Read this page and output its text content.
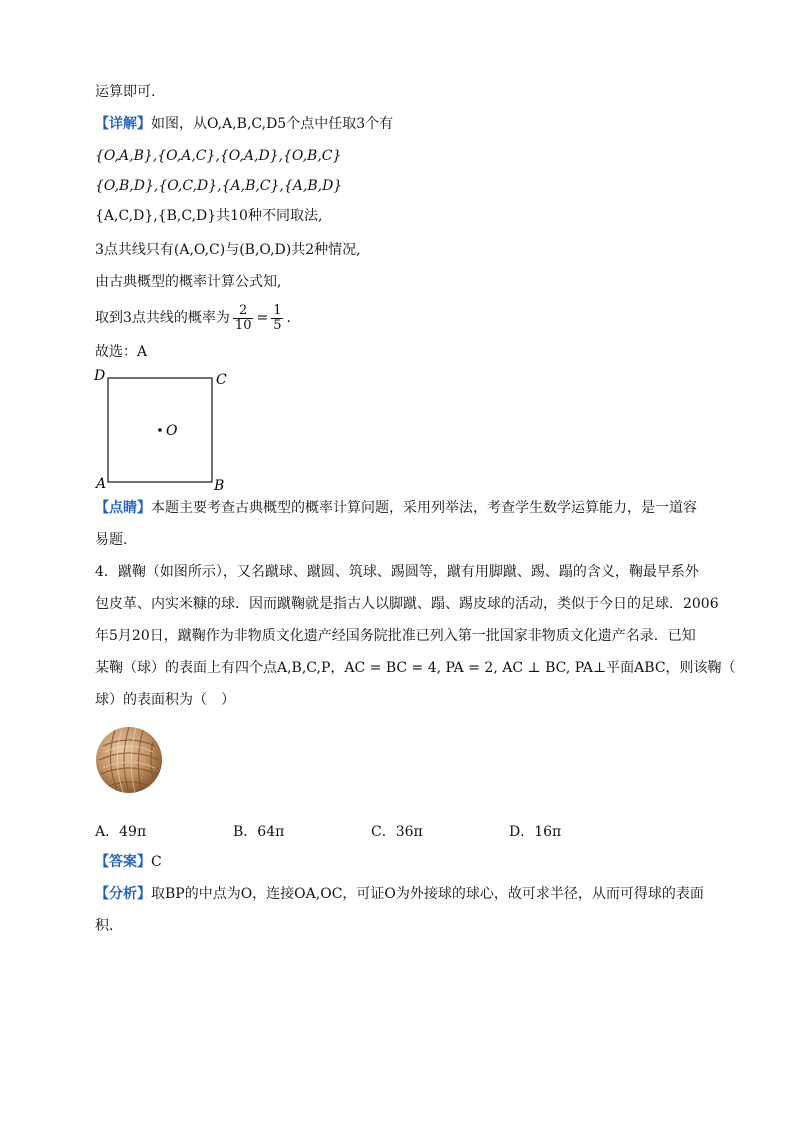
运算即可.
【详解】如图，从O,A,B,C,D5个点中任取3个有
{O,A,B},{O,A,C},{O,A,D},{O,B,C}
{O,B,D},{O,C,D},{A,B,C},{A,B,D}
{A,C,D},{B,C,D}共10种不同取法,
3点共线只有(A,O,C)与(B,O,D)共2种情况,
由古典概型的概率计算公式知,
取到3点共线的概率为 $\frac{2}{10} = \frac{1}{5}$ .
故选：A
O
D	C
A	B
【点睛】本题主要考查古典概型的概率计算问题，采用列举法，考查学生数学运算能力，是一道容
易题.
4．蹴鞠（如图所示），又名蹴球、蹴圆、筑球、踢圆等，蹴有用脚蹴、踢、蹋的含义，鞠最早系外
包皮革、内实米糠的球．因而蹴鞠就是指古人以脚蹴、蹋、踢皮球的活动，类似于今日的足球．2006
年5月20日，蹴鞠作为非物质文化遗产经国务院批准已列入第一批国家非物质文化遗产名录．已知
某鞠（球）的表面上有四个点A,B,C,P，AC = BC = 4, PA = 2, AC ⊥ BC, PA⊥平面ABC，则该鞠（
球）的表面积为（　）
A．49π	B．64π	C．36π	D．16π
【答案】C
【分析】取BP的中点为O，连接OA,OC，可证O为外接球的球心，故可求半径，从而可得球的表面
积.
